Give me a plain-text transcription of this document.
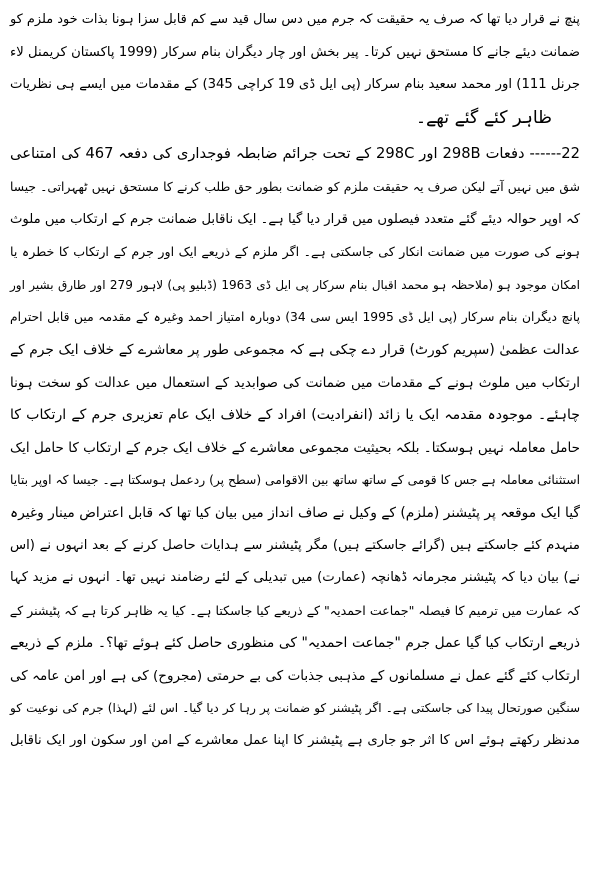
پنچ نے قرار دیا تھا کہ صرف یہ حقیقت کہ جرم میں دس سال قید سے کم قابل سزا ہونا بذات خود ملزم کو
ضمانت دیئے جانے کا مستحق نہیں کرتا۔ پیر بخش اور چار دیگران بنام سرکار (1999 پاکستان کریمنل لاء
جرنل 111) اور محمد سعید بنام سرکار (پی ایل ڈی 19 کراچی 345) کے مقدمات میں ایسے ہی نظریات
ظاہر کئے گئے تھے۔

22------ دفعات 298B اور 298C کے تحت جرائم ضابطہ فوجداری کی دفعہ 467 کی امتناعی
شق میں نہیں آتے لیکن صرف یہ حقیقت ملزم کو ضمانت بطور حق طلب کرنے کا مستحق نہیں ٹھہراتی۔ جیسا
کہ اوپر حوالہ دیئے گئے متعدد فیصلوں میں قرار دیا گیا ہے۔ ایک ناقابل ضمانت جرم کے ارتکاب میں ملوث
ہونے کی صورت میں ضمانت انکار کی جاسکتی ہے۔ اگر ملزم کے ذریعے ایک اور جرم کے ارتکاب کا خطرہ یا
امکان موجود ہو (ملاحظہ ہو محمد اقبال بنام سرکار پی ایل ڈی 1963 (ڈبلیو پی) لاہور 279 اور طارق بشیر اور
پانچ دیگران بنام سرکار (پی ایل ڈی 1995 ایس سی 34) دوبارہ امتیاز احمد وغیرہ کے مقدمہ میں قابل احترام
عدالت عظمیٰ (سپریم کورٹ) قرار دے چکی ہے کہ مجموعی طور پر معاشرے کے خلاف ایک جرم کے
ارتکاب میں ملوث ہونے کے مقدمات میں ضمانت کی صوابدید کے استعمال میں عدالت کو سخت ہونا
چاہئے۔ موجودہ مقدمہ ایک یا زائد (انفرادیت) افراد کے خلاف ایک عام تعزیری جرم کے ارتکاب کا
حامل معاملہ نہیں ہوسکتا۔ بلکہ بحیثیت مجموعی معاشرے کے خلاف ایک جرم کے ارتکاب کا حامل ایک
استثنائی معاملہ ہے جس کا قومی کے ساتھ ساتھ بین الاقوامی (سطح پر) ردعمل ہوسکتا ہے۔ جیسا کہ اوپر بتایا
گیا ایک موقعہ پر پٹیشنر (ملزم) کے وکیل نے صاف انداز میں بیان کیا تھا کہ قابل اعتراض مینار وغیرہ
منہدم کئے جاسکتے ہیں (گرائے جاسکتے ہیں) مگر پٹیشنر سے ہدایات حاصل کرنے کے بعد انہوں نے (اس
نے) بیان دیا کہ پٹیشنر مجرمانہ ڈھانچہ (عمارت) میں تبدیلی کے لئے رضامند نہیں تھا۔ انہوں نے مزید کہا
کہ عمارت میں ترمیم کا فیصلہ "جماعت احمدیہ" کے ذریعے کیا جاسکتا ہے۔ کیا یہ ظاہر کرتا ہے کہ پٹیشنر کے
ذریعے ارتکاب کیا گیا عمل جرم "جماعت احمدیہ" کی منظوری حاصل کئے ہوئے تھا؟۔ ملزم کے ذریعے
ارتکاب کئے گئے عمل نے مسلمانوں کے مذہبی جذبات کی بے حرمتی (مجروح) کی ہے اور امن عامہ کی
سنگین صورتحال پیدا کی جاسکتی ہے۔ اگر پٹیشنر کو ضمانت پر رہا کر دیا گیا۔ اس لئے (لہذا) جرم کی نوعیت کو
مدنظر رکھتے ہوئے اس کا اثر جو جاری ہے پٹیشنر کا اپنا عمل معاشرے کے امن اور سکون اور ایک ناقابل
